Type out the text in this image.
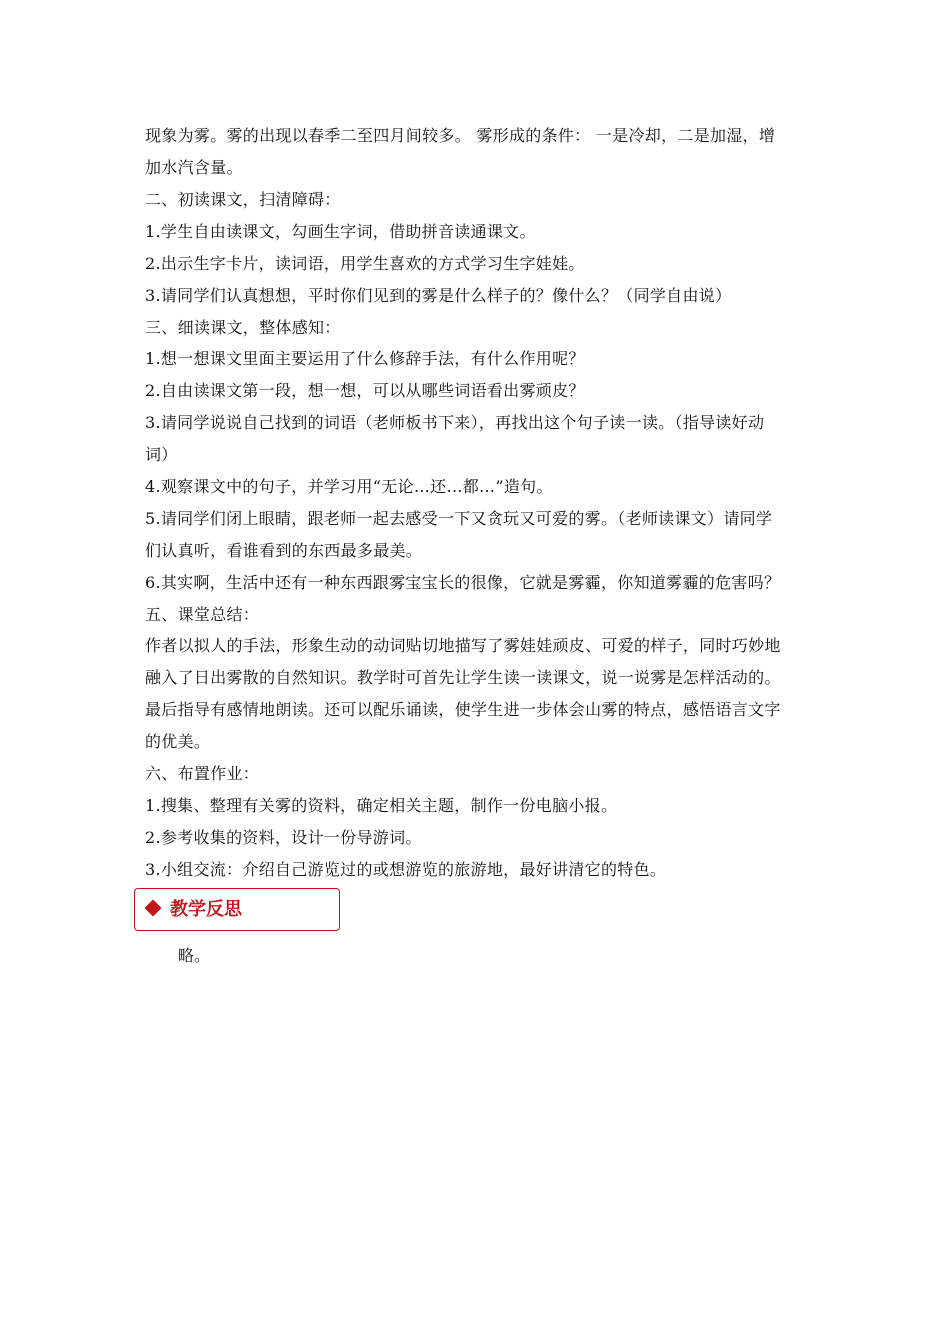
现象为雾。雾的出现以春季二至四月间较多。 雾形成的条件： 一是冷却，二是加湿，增
加水汽含量。
二、初读课文，扫清障碍：
1.学生自由读课文，勾画生字词，借助拼音读通课文。
2.出示生字卡片，读词语，用学生喜欢的方式学习生字娃娃。
3.请同学们认真想想，平时你们见到的雾是什么样子的？像什么？（同学自由说）
三、细读课文，整体感知：
1.想一想课文里面主要运用了什么修辞手法，有什么作用呢？
2.自由读课文第一段，想一想，可以从哪些词语看出雾顽皮？
3.请同学说说自己找到的词语（老师板书下来），再找出这个句子读一读。（指导读好动
词）
4.观察课文中的句子，并学习用“无论…还…都…”造句。
5.请同学们闭上眼睛，跟老师一起去感受一下又贪玩又可爱的雾。（老师读课文）请同学
们认真听，看谁看到的东西最多最美。
6.其实啊，生活中还有一种东西跟雾宝宝长的很像，它就是雾霾，你知道雾霾的危害吗？
五、课堂总结：
作者以拟人的手法，形象生动的动词贴切地描写了雾娃娃顽皮、可爱的样子，同时巧妙地
融入了日出雾散的自然知识。教学时可首先让学生读一读课文，说一说雾是怎样活动的。
最后指导有感情地朗读。还可以配乐诵读，使学生进一步体会山雾的特点，感悟语言文字
的优美。
六、布置作业：
1.搜集、整理有关雾的资料，确定相关主题，制作一份电脑小报。
2.参考收集的资料，设计一份导游词。
3.小组交流：介绍自己游览过的或想游览的旅游地，最好讲清它的特色。
教学反思
略。
